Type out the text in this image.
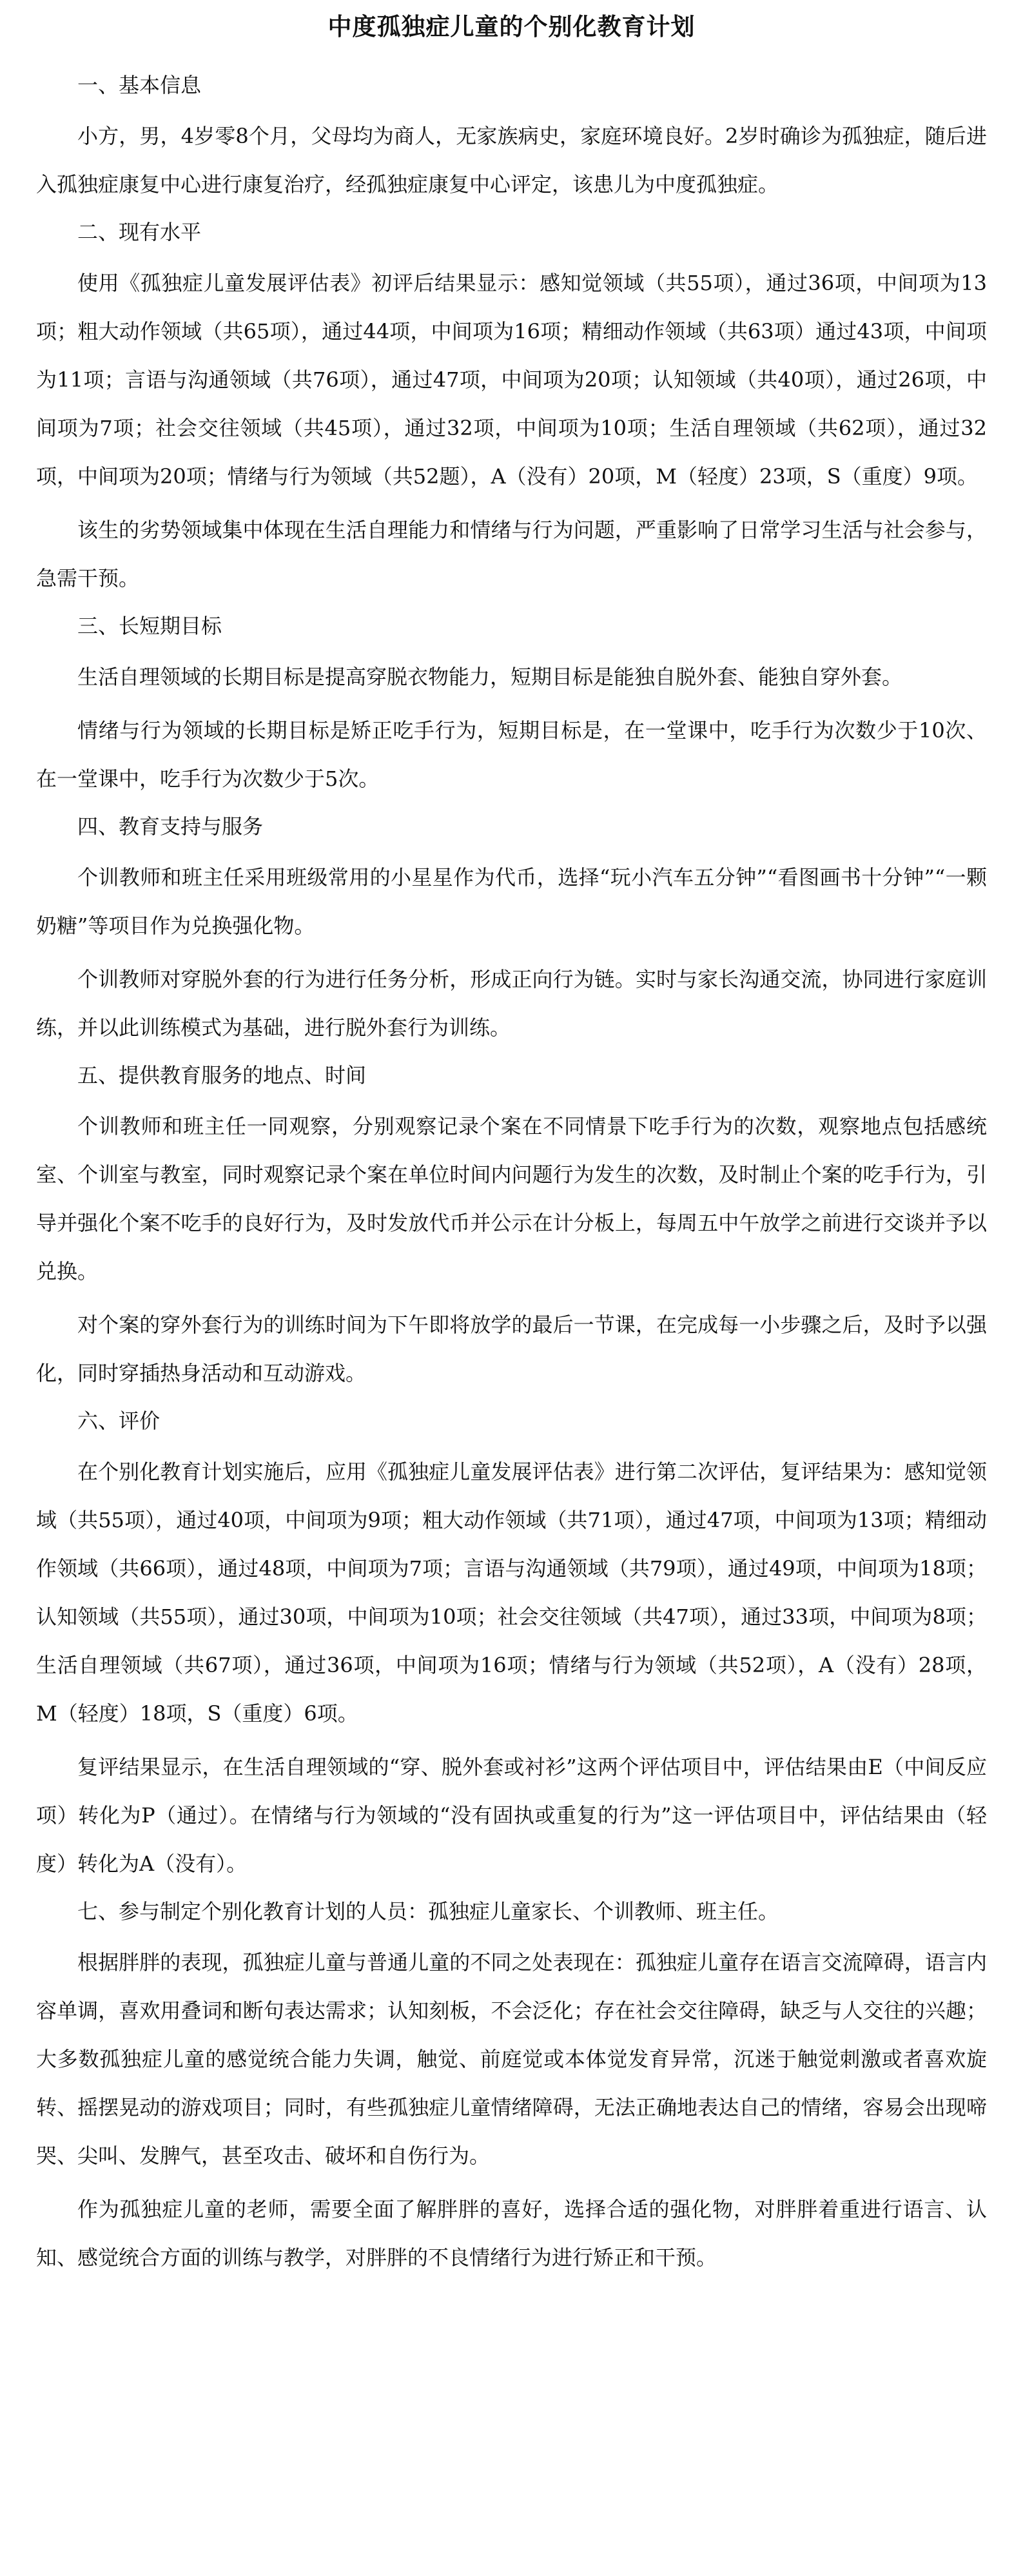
中度孤独症儿童的个别化教育计划
一、基本信息

小方，男，4岁零8个月，父母均为商人，无家族病史，家庭环境良好。2岁时确诊为孤独症，随后进入孤独症康复中心进行康复治疗，经孤独症康复中心评定，该患儿为中度孤独症。

二、现有水平

使用《孤独症儿童发展评估表》初评后结果显示：感知觉领域（共55项），通过36项，中间项为13项；粗大动作领域（共65项），通过44项，中间项为16项；精细动作领域（共63项）通过43项，中间项为11项；言语与沟通领域（共76项），通过47项，中间项为20项；认知领域（共40项），通过26项，中间项为7项；社会交往领域（共45项），通过32项，中间项为10项；生活自理领域（共62项），通过32项，中间项为20项；情绪与行为领域（共52题），A（没有）20项，M（轻度）23项，S（重度）9项。

该生的劣势领域集中体现在生活自理能力和情绪与行为问题，严重影响了日常学习生活与社会参与，急需干预。

三、长短期目标

生活自理领域的长期目标是提高穿脱衣物能力，短期目标是能独自脱外套、能独自穿外套。

情绪与行为领域的长期目标是矫正吃手行为，短期目标是，在一堂课中，吃手行为次数少于10次、在一堂课中，吃手行为次数少于5次。

四、教育支持与服务

个训教师和班主任采用班级常用的小星星作为代币，选择“玩小汽车五分钟”“看图画书十分钟”“一颗奶糖”等项目作为兑换强化物。

个训教师对穿脱外套的行为进行任务分析，形成正向行为链。实时与家长沟通交流，协同进行家庭训练，并以此训练模式为基础，进行脱外套行为训练。

五、提供教育服务的地点、时间

个训教师和班主任一同观察，分别观察记录个案在不同情景下吃手行为的次数，观察地点包括感统室、个训室与教室，同时观察记录个案在单位时间内问题行为发生的次数，及时制止个案的吃手行为，引导并强化个案不吃手的良好行为，及时发放代币并公示在计分板上，每周五中午放学之前进行交谈并予以兑换。

对个案的穿外套行为的训练时间为下午即将放学的最后一节课，在完成每一小步骤之后，及时予以强化，同时穿插热身活动和互动游戏。

六、评价

在个别化教育计划实施后，应用《孤独症儿童发展评估表》进行第二次评估，复评结果为：感知觉领域（共55项），通过40项，中间项为9项；粗大动作领域（共71项），通过47项，中间项为13项；精细动作领域（共66项），通过48项，中间项为7项；言语与沟通领域（共79项），通过49项，中间项为18项；认知领域（共55项），通过30项，中间项为10项；社会交往领域（共47项），通过33项，中间项为8项；生活自理领域（共67项），通过36项，中间项为16项；情绪与行为领域（共52项），A（没有）28项，M（轻度）18项，S（重度）6项。

复评结果显示，在生活自理领域的“穿、脱外套或衬衫”这两个评估项目中，评估结果由E（中间反应项）转化为P（通过）。在情绪与行为领域的“没有固执或重复的行为”这一评估项目中，评估结果由（轻度）转化为A（没有）。

七、参与制定个别化教育计划的人员：孤独症儿童家长、个训教师、班主任。

根据胖胖的表现，孤独症儿童与普通儿童的不同之处表现在：孤独症儿童存在语言交流障碍，语言内容单调，喜欢用叠词和断句表达需求；认知刻板，不会泛化；存在社会交往障碍，缺乏与人交往的兴趣；大多数孤独症儿童的感觉统合能力失调，触觉、前庭觉或本体觉发育异常，沉迷于触觉刺激或者喜欢旋转、摇摆晃动的游戏项目；同时，有些孤独症儿童情绪障碍，无法正确地表达自己的情绪，容易会出现啼哭、尖叫、发脾气，甚至攻击、破坏和自伤行为。

作为孤独症儿童的老师，需要全面了解胖胖的喜好，选择合适的强化物，对胖胖着重进行语言、认知、感觉统合方面的训练与教学，对胖胖的不良情绪行为进行矫正和干预。
